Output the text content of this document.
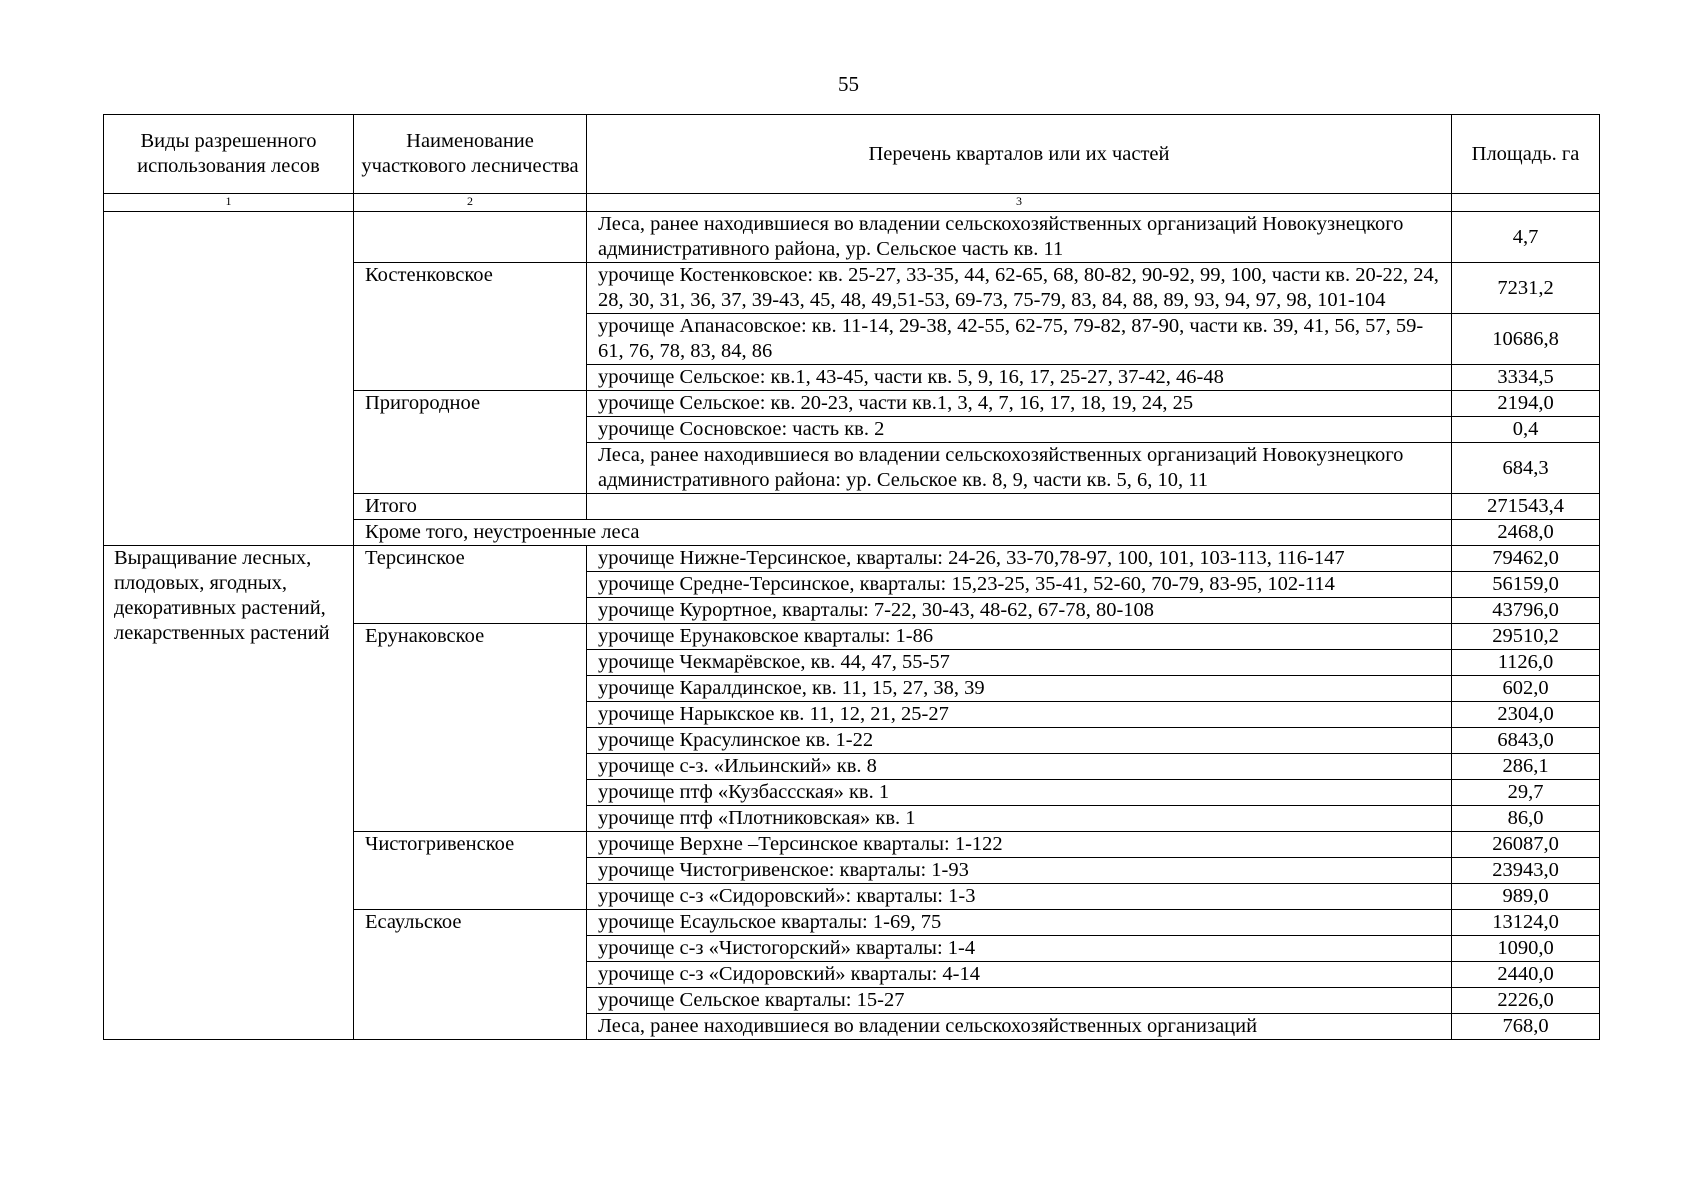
55
Виды разрешенного использования лесов	Наименование участкового лесничества	Перечень кварталов или их частей	Площадь. га
1	2	3	
		Леса, ранее находившиеся во владении сельскохозяйственных организаций Новокузнецкого административного района, ур. Сельское часть кв. 11	4,7
	Костенковское	урочище Костенковское: кв. 25-27, 33-35, 44, 62-65, 68, 80-82, 90-92, 99, 100, части кв. 20-22, 24, 28, 30, 31, 36, 37, 39-43, 45, 48, 49,51-53, 69-73, 75-79, 83, 84, 88, 89, 93, 94, 97, 98, 101-104	7231,2
		урочище Апанасовское: кв. 11-14, 29-38, 42-55, 62-75, 79-82, 87-90, части кв. 39, 41, 56, 57, 59-61, 76, 78, 83, 84, 86	10686,8
		урочище Сельское: кв.1, 43-45, части кв. 5, 9, 16, 17, 25-27, 37-42, 46-48	3334,5
	Пригородное	урочище Сельское: кв. 20-23, части кв.1, 3, 4, 7, 16, 17, 18, 19, 24, 25	2194,0
		урочище Сосновское: часть кв. 2	0,4
		Леса, ранее находившиеся во владении сельскохозяйственных организаций Новокузнецкого административного района: ур. Сельское кв. 8, 9, части кв. 5, 6, 10, 11	684,3
	Итого		271543,4
	Кроме того, неустроенные леса		2468,0
Выращивание лесных, плодовых, ягодных, декоративных растений, лекарственных растений	Терсинское	урочище Нижне-Терсинское, кварталы: 24-26, 33-70,78-97, 100, 101, 103-113, 116-147	79462,0
		урочище Средне-Терсинское, кварталы: 15,23-25, 35-41, 52-60, 70-79, 83-95, 102-114	56159,0
		урочище Курортное, кварталы: 7-22, 30-43, 48-62, 67-78, 80-108	43796,0
	Ерунаковское	урочище Ерунаковское кварталы: 1-86	29510,2
		урочище Чекмарёвское, кв. 44, 47, 55-57	1126,0
		урочище Каралдинское, кв. 11, 15, 27, 38, 39	602,0
		урочище Нарыкское кв. 11, 12, 21, 25-27	2304,0
		урочище Красулинское кв. 1-22	6843,0
		урочище с-з. «Ильинский» кв. 8	286,1
		урочище птф «Кузбасcская» кв. 1	29,7
		урочище птф «Плотниковская» кв. 1	86,0
	Чистогривенское	урочище Верхне –Терсинское кварталы: 1-122	26087,0
		урочище Чистогривенское: кварталы: 1-93	23943,0
		урочище с-з «Сидоровский»: кварталы: 1-3	989,0
	Есаульское	урочище Есаульское кварталы: 1-69, 75	13124,0
		урочище с-з «Чистогорский» кварталы: 1-4	1090,0
		урочище с-з «Сидоровский» кварталы: 4-14	2440,0
		урочище Сельское кварталы: 15-27	2226,0
		Леса, ранее находившиеся во владении сельскохозяйственных организаций	768,0
